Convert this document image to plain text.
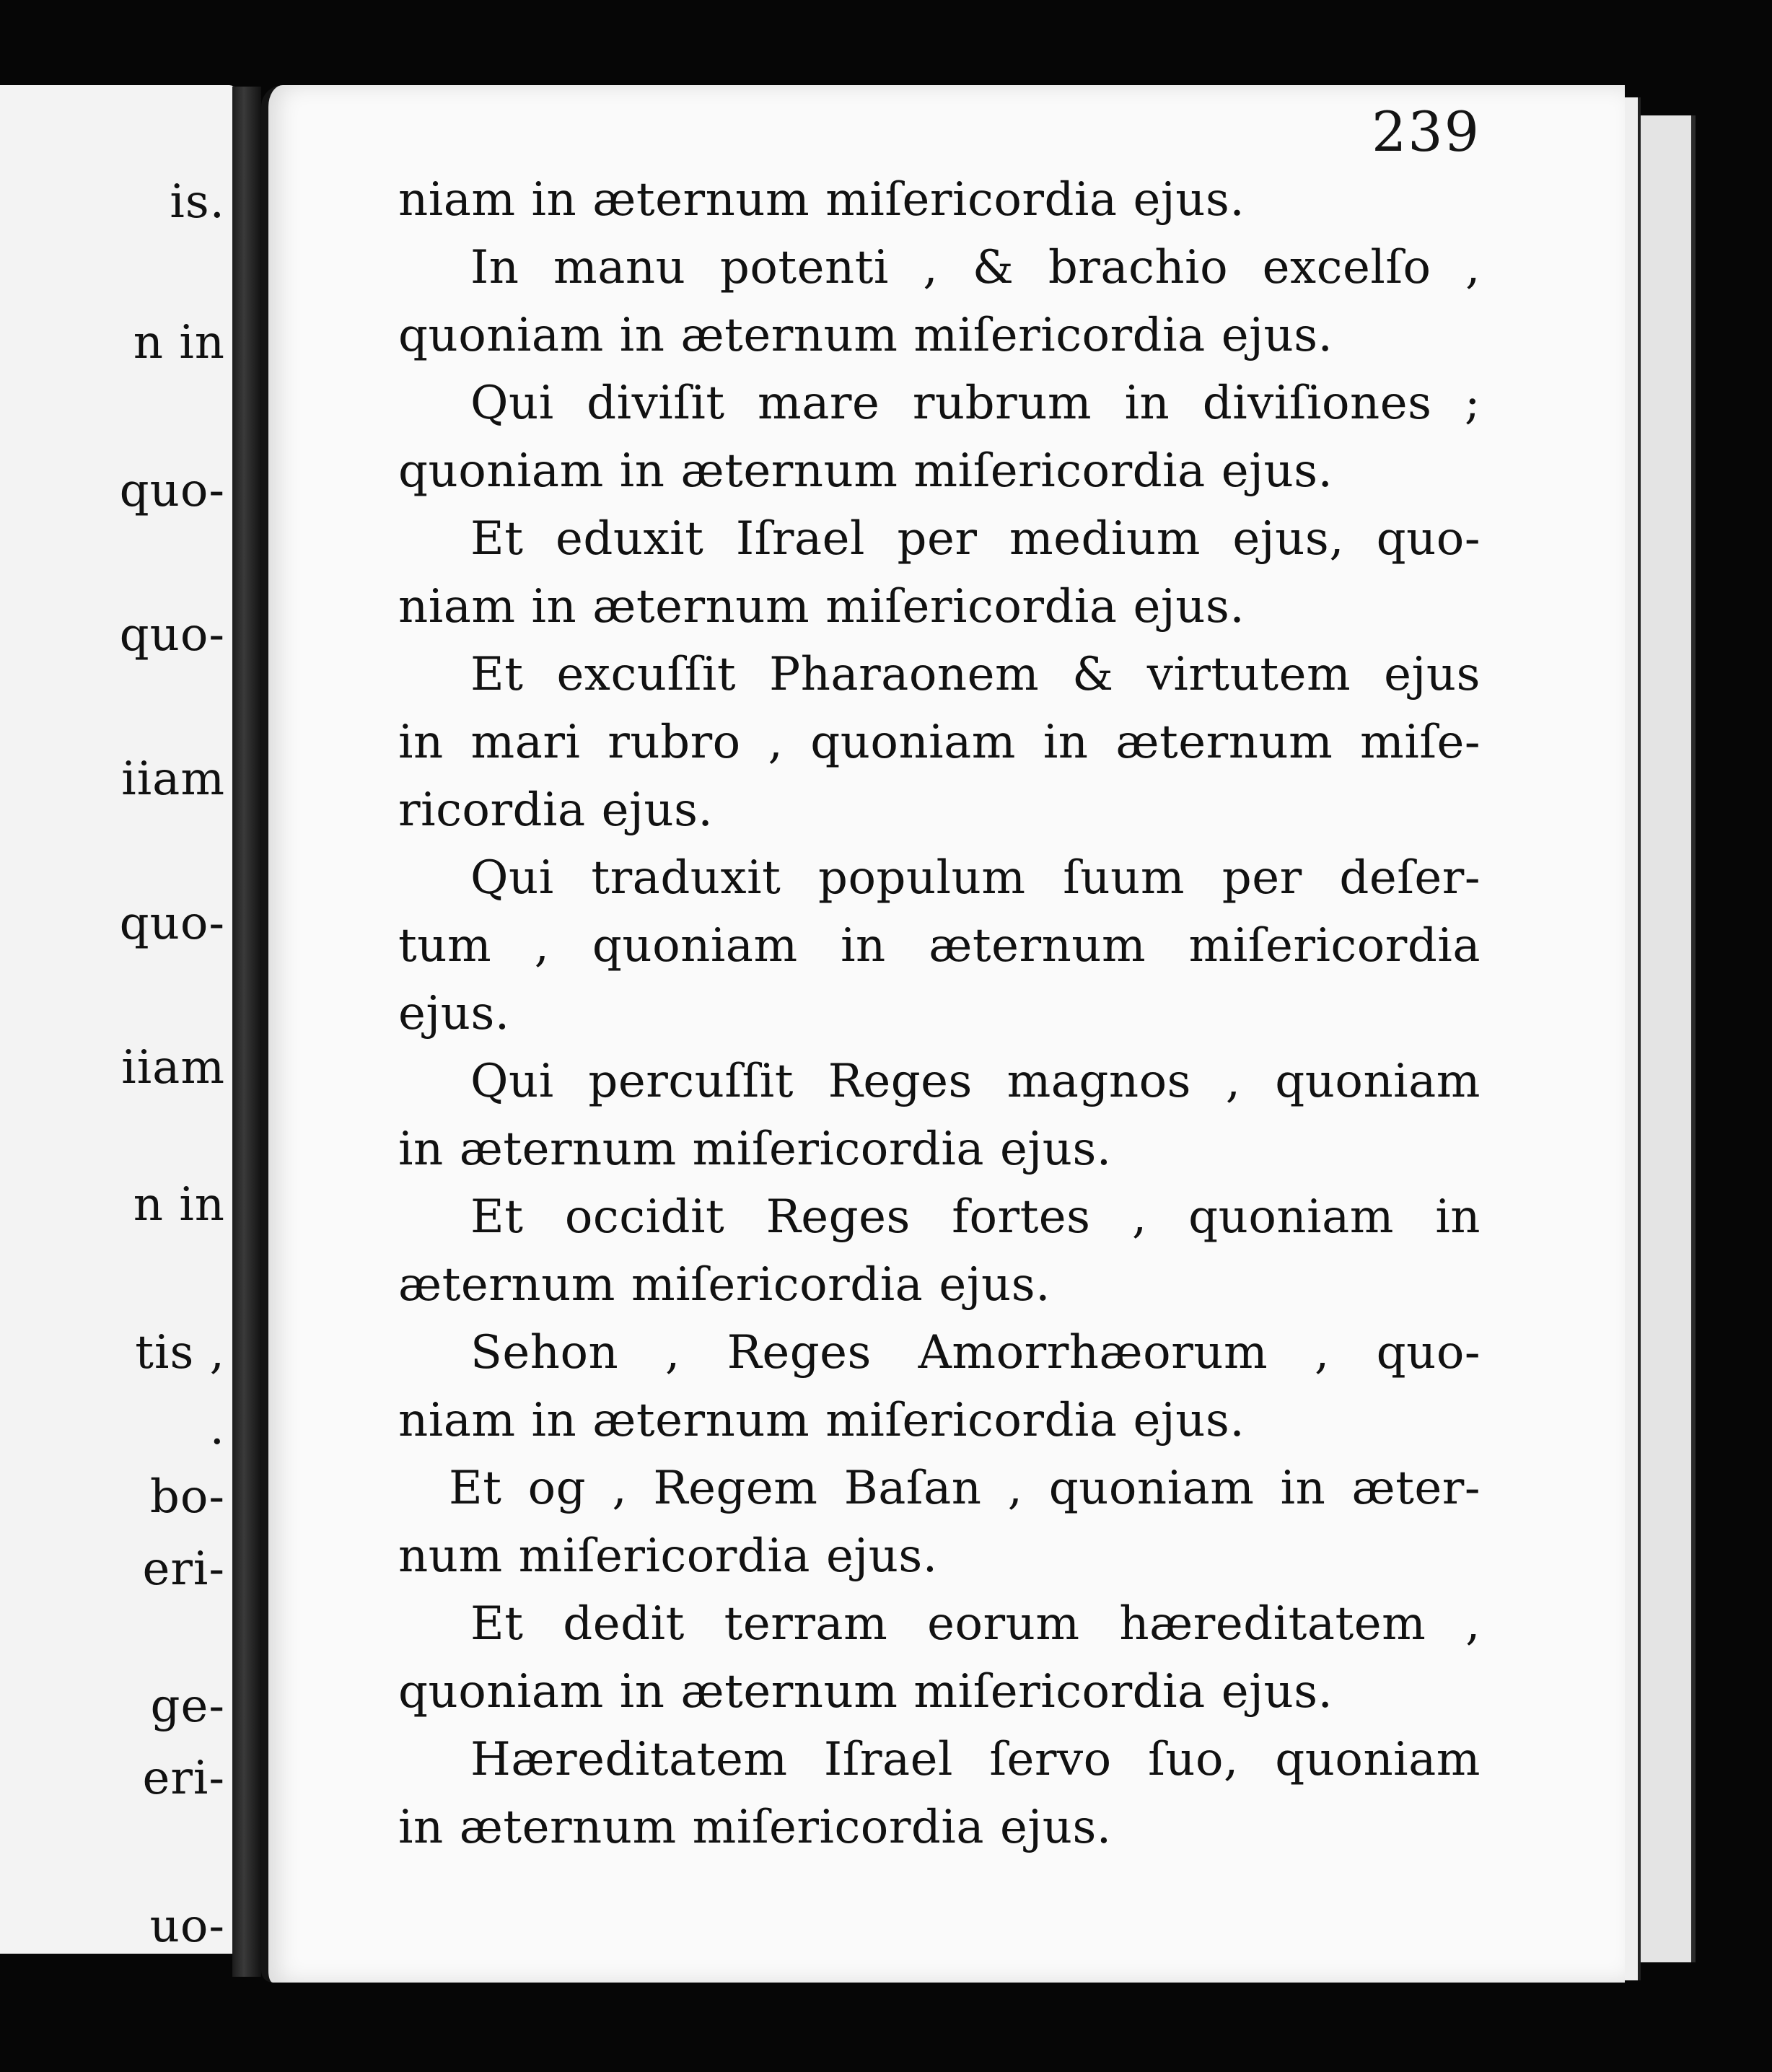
is.
n in
quo-
quo-
iiam
quo-
iiam
n in
tis ,
.
bo-
eri-
ge-
eri-
uo-
239
niam in æternum miſericordia ejus.
In manu potenti , & brachio excelſo ,
quoniam in æternum miſericordia ejus.
Qui diviſit mare rubrum in diviſiones ;
quoniam in æternum miſericordia ejus.
Et eduxit Iſrael per medium ejus, quo-
niam in æternum miſericordia ejus.
Et excuſſit Pharaonem & virtutem ejus
in mari rubro , quoniam in æternum miſe-
ricordia ejus.
Qui traduxit populum ſuum per deſer-
tum , quoniam in æternum miſericordia
ejus.
Qui percuſſit Reges magnos , quoniam
in æternum miſericordia ejus.
Et occidit Reges fortes , quoniam in
æternum miſericordia ejus.
Sehon , Reges Amorrhæorum , quo-
niam in æternum miſericordia ejus.
Et og , Regem Baſan , quoniam in æter-
num miſericordia ejus.
Et dedit terram eorum hæreditatem ,
quoniam in æternum miſericordia ejus.
Hæreditatem Iſrael ſervo ſuo, quoniam
in æternum miſericordia ejus.
